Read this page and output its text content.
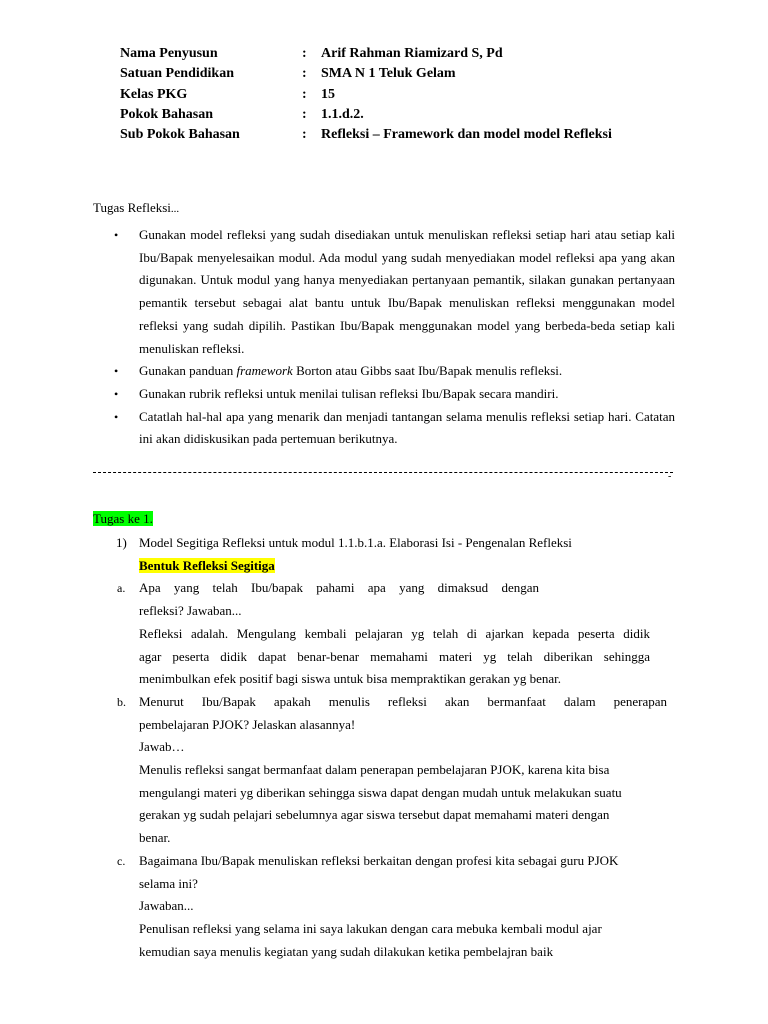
Nama Penyusun	:	Arif Rahman Riamizard S, Pd
Satuan Pendidikan	:	SMA N 1 Teluk Gelam
Kelas PKG	:	15
Pokok Bahasan	:	1.1.d.2.
Sub Pokok Bahasan	:	Refleksi – Framework dan model model Refleksi
Tugas Refleksi...
• Gunakan model refleksi yang sudah disediakan untuk menuliskan refleksi setiap hari atau setiap kali Ibu/Bapak menyelesaikan modul. Ada modul yang sudah menyediakan model refleksi apa yang akan digunakan. Untuk modul yang hanya menyediakan pertanyaan pemantik, silakan gunakan pertanyaan pemantik tersebut sebagai alat bantu untuk Ibu/Bapak menuliskan refleksi menggunakan model refleksi yang sudah dipilih. Pastikan Ibu/Bapak menggunakan model yang berbeda-beda setiap kali menuliskan refleksi.
• Gunakan panduan framework Borton atau Gibbs saat Ibu/Bapak menulis refleksi.
• Gunakan rubrik refleksi untuk menilai tulisan refleksi Ibu/Bapak secara mandiri.
• Catatlah hal-hal apa yang menarik dan menjadi tantangan selama menulis refleksi setiap hari. Catatan ini akan didiskusikan pada pertemuan berikutnya.
-
Tugas ke 1.
1) Model Segitiga Refleksi untuk modul 1.1.b.1.a. Elaborasi Isi - Pengenalan Refleksi
Bentuk Refleksi Segitiga
a. Apa yang telah Ibu/bapak pahami apa yang dimaksud dengan
refleksi? Jawaban...
Refleksi adalah. Mengulang kembali pelajaran yg telah di ajarkan kepada peserta didik
agar peserta didik dapat benar-benar memahami materi yg telah diberikan sehingga
menimbulkan efek positif bagi siswa untuk bisa mempraktikan gerakan yg benar.
b. Menurut Ibu/Bapak apakah menulis refleksi akan bermanfaat dalam penerapan
pembelajaran PJOK? Jelaskan alasannya!
Jawab…
Menulis refleksi sangat bermanfaat dalam penerapan pembelajaran PJOK, karena kita bisa
mengulangi materi yg diberikan sehingga siswa dapat dengan mudah untuk melakukan suatu
gerakan yg sudah pelajari sebelumnya agar siswa tersebut dapat memahami materi dengan
benar.
c. Bagaimana Ibu/Bapak menuliskan refleksi berkaitan dengan profesi kita sebagai guru PJOK
selama ini?
Jawaban...
Penulisan refleksi yang selama ini saya lakukan dengan cara mebuka kembali modul ajar
kemudian saya menulis kegiatan yang sudah dilakukan ketika pembelajran baik
